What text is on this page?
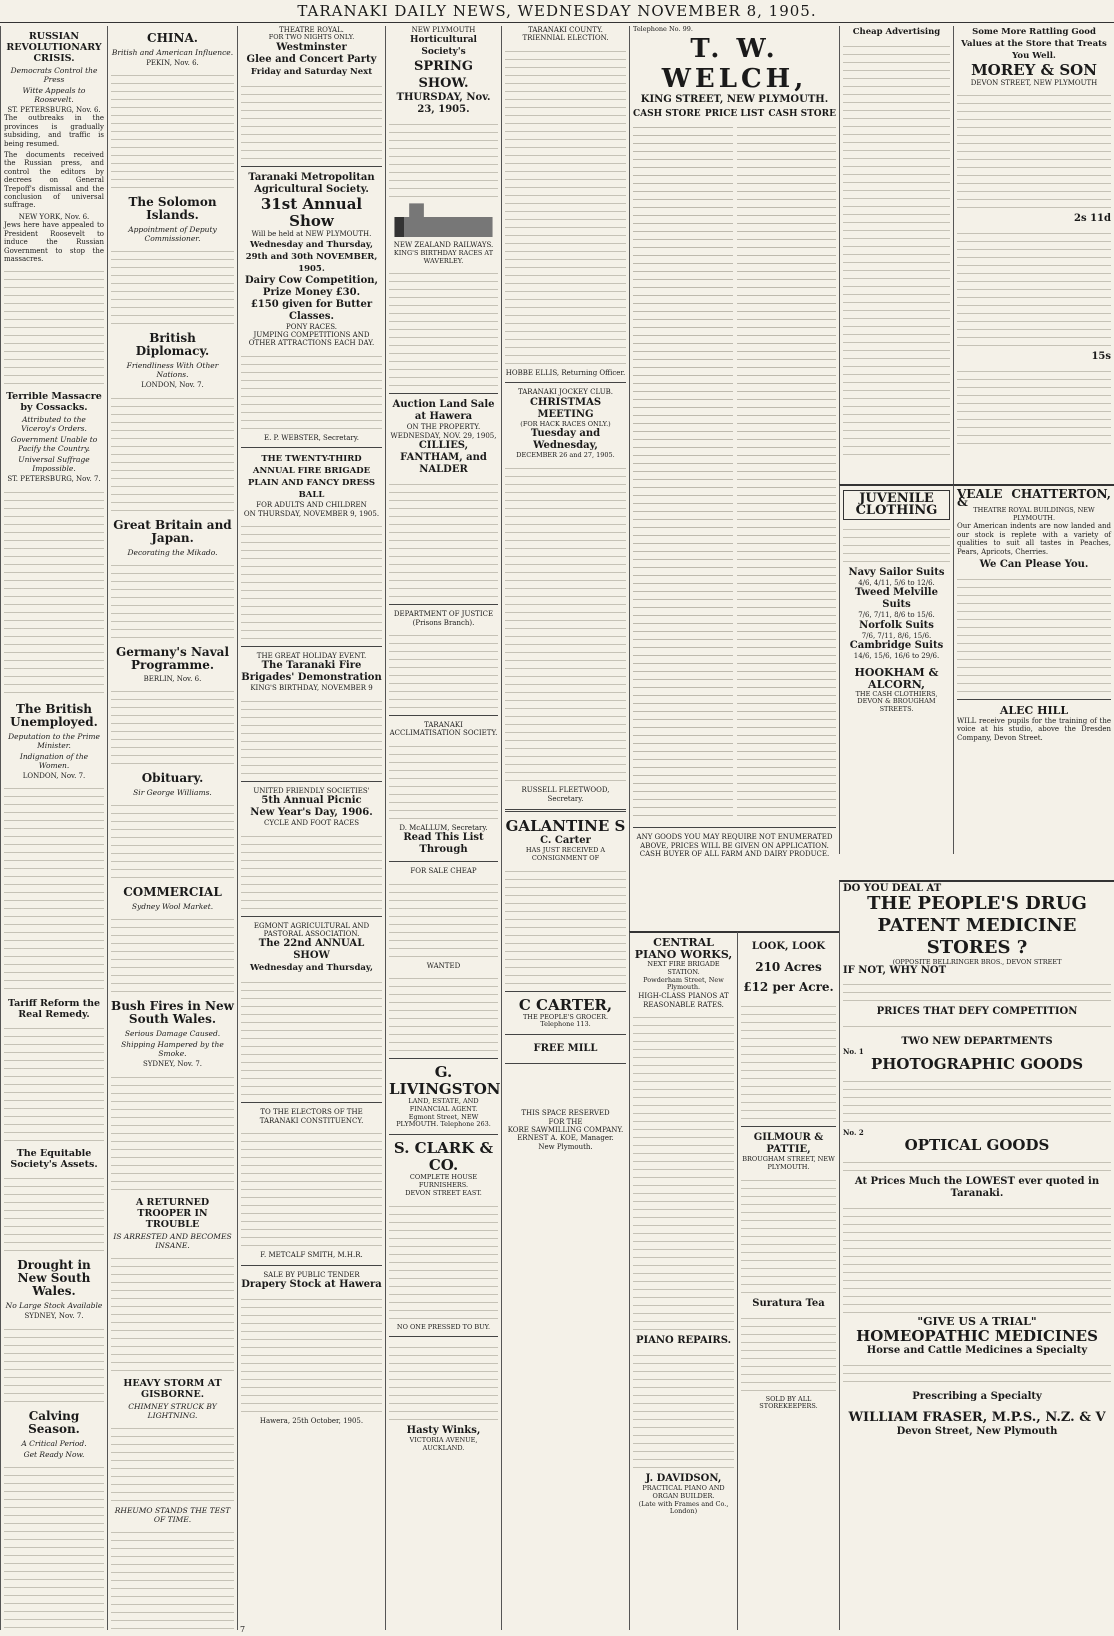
TARANAKI DAILY NEWS, WEDNESDAY NOVEMBER 8, 1905.
RUSSIAN REVOLUTIONARY CRISIS.
Democrats Control the Press
Witte Appeals to Roosevelt.
ST. PETERSBURG, Nov. 6.

The outbreaks in the provinces is gradually subsiding, and traffic is being resumed.

The documents received the Russian press, and control the editors by decrees on General Trepoff's dismissal and the conclusion of universal suffrage.

NEW YORK, Nov. 6.

Jews here have appealed to President Roosevelt to induce the Russian Government to stop the massacres.

Terrible Massacre by Cossacks.
Attributed to the Viceroy's Orders.
Government Unable to Pacify the Country.
Universal Suffrage Impossible.
ST. PETERSBURG, Nov. 7.
The British Unemployed.
Deputation to the Prime Minister.
Indignation of the Women.
LONDON, Nov. 7.
Tariff Reform the Real Remedy.
The Equitable Society's Assets.
Drought in New South Wales.
No Large Stock Available
SYDNEY, Nov. 7.
Calving Season.
A Critical Period.
Get Ready Now.
CHINA.
British and American Influence.
PEKIN, Nov. 6.
The Solomon Islands.
Appointment of Deputy Commissioner.
British Diplomacy.
Friendliness With Other Nations.
LONDON, Nov. 7.
Great Britain and Japan.
Decorating the Mikado.
Germany's Naval Programme.
BERLIN, Nov. 6.
Obituary.
Sir George Williams.
COMMERCIAL
Sydney Wool Market.
Bush Fires in New South Wales.
Serious Damage Caused.
Shipping Hampered by the Smoke.
SYDNEY, Nov. 7.
A RETURNED TROOPER IN TROUBLE
IS ARRESTED AND BECOMES INSANE.
HEAVY STORM AT GISBORNE.
CHIMNEY STRUCK BY LIGHTNING.
RHEUMO STANDS THE TEST OF TIME.
THEATRE ROYAL.
FOR TWO NIGHTS ONLY.
Westminster
Glee and Concert Party
Friday and Saturday Next
Taranaki Metropolitan Agricultural Society.
31st Annual Show
Will be held at NEW PLYMOUTH.
Wednesday and Thursday, 29th and 30th NOVEMBER, 1905.
Dairy Cow Competition, Prize Money £30.
£150 given for Butter Classes.
PONY RACES.
JUMPING COMPETITIONS AND OTHER ATTRACTIONS EACH DAY.
E. P. WEBSTER, Secretary.
THE TWENTY-THIRD ANNUAL FIRE BRIGADE PLAIN AND FANCY DRESS BALL
FOR ADULTS AND CHILDREN
ON THURSDAY, NOVEMBER 9, 1905.
THE GREAT HOLIDAY EVENT.
The Taranaki Fire Brigades' Demonstration
KING'S BIRTHDAY, NOVEMBER 9
UNITED FRIENDLY SOCIETIES'
5th Annual Picnic
New Year's Day, 1906.
CYCLE AND FOOT RACES
EGMONT AGRICULTURAL AND PASTORAL ASSOCIATION.
The 22nd ANNUAL SHOW
Wednesday and Thursday,
TO THE ELECTORS OF THE TARANAKI CONSTITUENCY.
F. METCALF SMITH, M.H.R.
SALE BY PUBLIC TENDER
Drapery Stock at Hawera
Hawera, 25th October, 1905.
NEW PLYMOUTH
Horticultural Society's
SPRING SHOW.
THURSDAY, Nov. 23, 1905.
NEW ZEALAND RAILWAYS.
KING'S BIRTHDAY RACES AT WAVERLEY.
Auction Land Sale at Hawera
ON THE PROPERTY.
WEDNESDAY, NOV. 29, 1905,
CILLIES, FANTHAM, and NALDER
DEPARTMENT OF JUSTICE (Prisons Branch).
TARANAKI ACCLIMATISATION SOCIETY.
D. McALLUM, Secretary.
Read This List Through
FOR SALE CHEAP
WANTED
G. LIVINGSTON
LAND, ESTATE, AND FINANCIAL AGENT.
Egmont Street, NEW PLYMOUTH. Telephone 263.
S. CLARK & CO.
COMPLETE HOUSE FURNISHERS.
DEVON STREET EAST.
NO ONE PRESSED TO BUY.
Hasty Winks,
VICTORIA AVENUE, AUCKLAND.
TARANAKI COUNTY.
TRIENNIAL ELECTION.
HOBBE ELLIS, Returning Officer.
TARANAKI JOCKEY CLUB.
CHRISTMAS MEETING
(FOR HACK RACES ONLY.)
Tuesday and Wednesday,
DECEMBER 26 and 27, 1905.
RUSSELL FLEETWOOD, Secretary.
GALANTINE S
C. Carter
HAS JUST RECEIVED A CONSIGNMENT OF
C CARTER,
THE PEOPLE'S GROCER.
Telephone 113.
FREE MILL
THIS SPACE RESERVED
FOR THE
KORE SAWMILLING COMPANY.
ERNEST A. KOE, Manager.
New Plymouth.
Telephone No. 99.
T. W. WELCH,
KING STREET, NEW PLYMOUTH.
CASH STORE PRICE LIST CASH STORE
ANY GOODS YOU MAY REQUIRE NOT ENUMERATED ABOVE, PRICES WILL BE GIVEN ON APPLICATION.
CASH BUYER OF ALL FARM AND DAIRY PRODUCE.
CENTRAL PIANO WORKS,
NEXT FIRE BRIGADE STATION.
Powderham Street, New Plymouth.
HIGH-CLASS PIANOS AT REASONABLE RATES.
PIANO REPAIRS.
J. DAVIDSON,
PRACTICAL PIANO AND ORGAN BUILDER.
(Late with Frames and Co., London)
LOOK, LOOK
210 Acres
£12 per Acre.
GILMOUR & PATTIE,
BROUGHAM STREET, NEW PLYMOUTH.
Suratura Tea
SOLD BY ALL STOREKEEPERS.
Cheap Advertising	Some More Rattling Good Values at the Store that Treats You Well.
MOREY & SON
DEVON STREET, NEW PLYMOUTH
2s 11d
15s
JUVENILE CLOTHING
Navy Sailor Suits
4/6, 4/11, 5/6 to 12/6.
Tweed Melville Suits
7/6, 7/11, 8/6 to 15/6.
Norfolk Suits
7/6, 7/11, 8/6, 15/6.
Cambridge Suits
14/6, 15/6, 16/6 to 29/6.
HOOKHAM & ALCORN,
THE CASH CLOTHIERS,
DEVON & BROUGHAM STREETS.
VEALE &
CHATTERTON,
THEATRE ROYAL BUILDINGS, NEW PLYMOUTH.

Our American indents are now landed and our stock is replete with a variety of qualities to suit all tastes in Peaches, Pears, Apricots, Cherries.

We Can Please You.
ALEC HILL

WILL receive pupils for the training of the voice at his studio, above the Dresden Company, Devon Street.

DO YOU DEAL AT
THE PEOPLE'S DRUG
PATENT MEDICINE STORES ?
(OPPOSITE BELLRINGER BROS., DEVON STREET
IF NOT, WHY NOT
PRICES THAT DEFY COMPETITION
TWO NEW DEPARTMENTS
No. 1
PHOTOGRAPHIC GOODS
No. 2
OPTICAL GOODS
At Prices Much the LOWEST ever quoted in Taranaki.
"GIVE US A TRIAL"
HOMEOPATHIC MEDICINES
Horse and Cattle Medicines a Specialty
Prescribing a Specialty
WILLIAM FRASER, M.P.S., N.Z. & V
Devon Street, New Plymouth
7
